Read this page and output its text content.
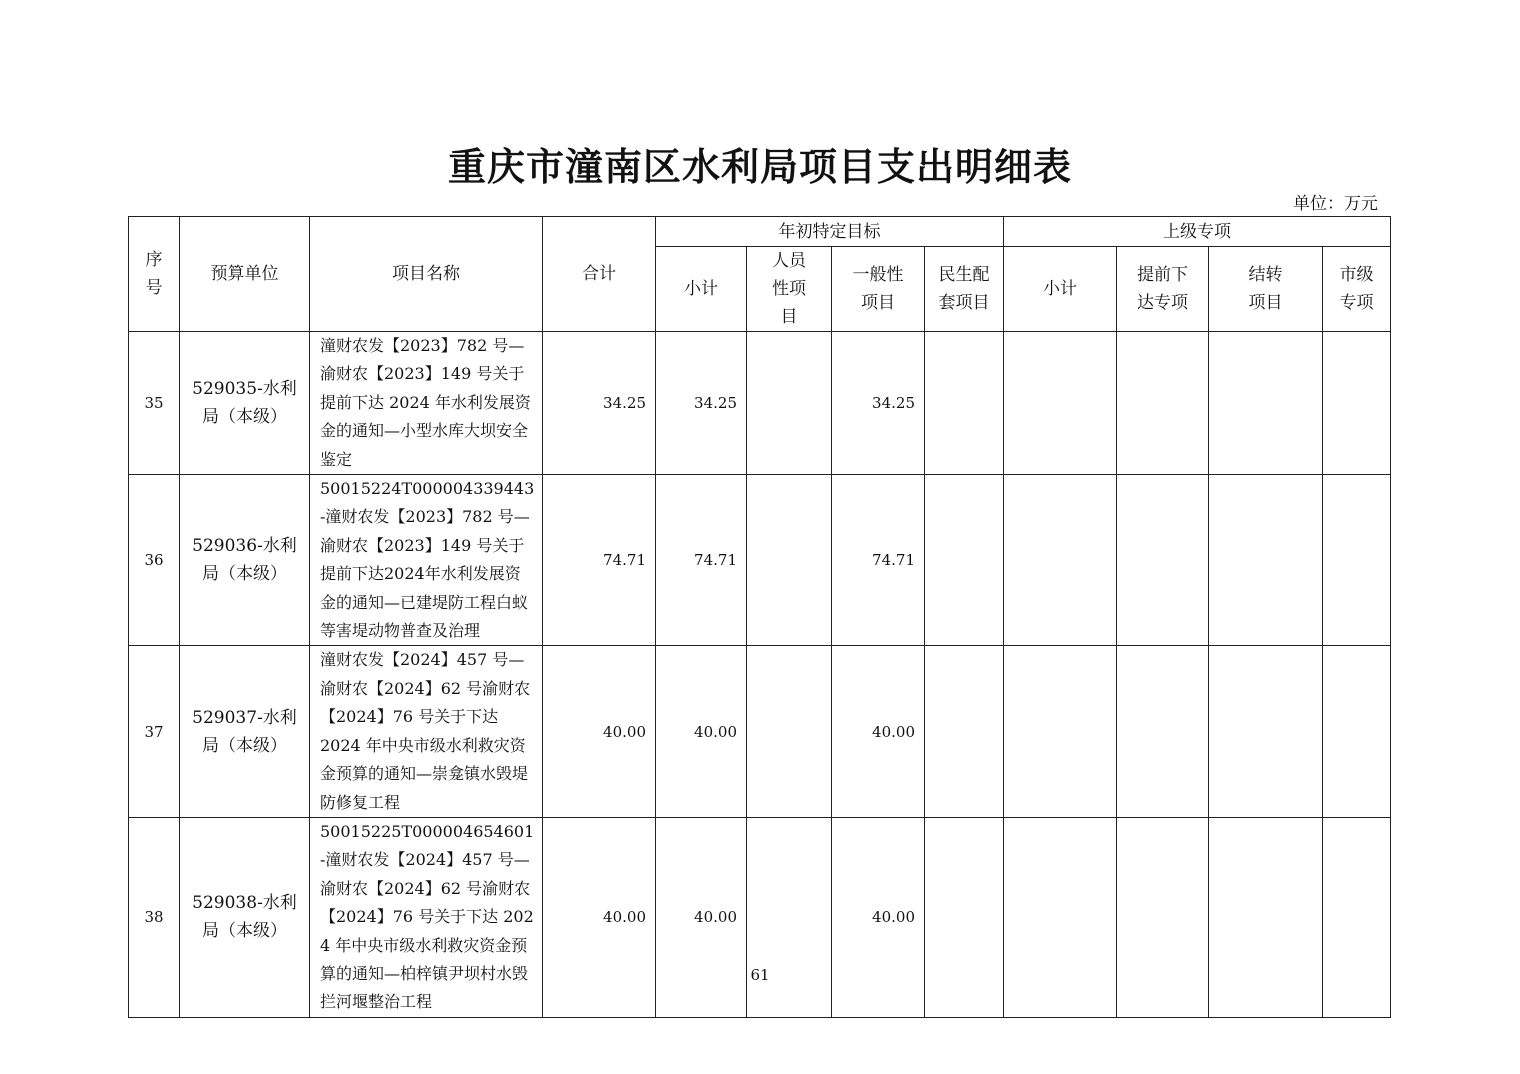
重庆市潼南区水利局项目支出明细表
单位：万元
序号	预算单位	项目名称	合计	年初特定目标				上级专项			
				小计	人员性项目	一般性项目	民生配套项目	小计	提前下达专项	结转项目	市级专项
35	529035-水利局（本级）	潼财农发【2023】782 号—渝财农【2023】149 号关于提前下达 2024 年水利发展资金的通知—小型水库大坝安全鉴定	34.25	34.25		34.25					
36	529036-水利局（本级）	50015224T000004339443-潼财农发【2023】782 号—渝财农【2023】149 号关于提前下达2024年水利发展资金的通知—已建堤防工程白蚁等害堤动物普查及治理	74.71	74.71		74.71					
37	529037-水利局（本级）	潼财农发【2024】457 号—渝财农【2024】62 号渝财农【2024】76 号关于下达 2024 年中央市级水利救灾资金预算的通知—崇龛镇水毁堤防修复工程	40.00	40.00		40.00					
38	529038-水利局（本级）	50015225T000004654601-潼财农发【2024】457 号—渝财农【2024】62 号渝财农【2024】76 号关于下达 2024 年中央市级水利救灾资金预算的通知—柏梓镇尹坝村水毁拦河堰整治工程	40.00	40.00		40.00					
61
